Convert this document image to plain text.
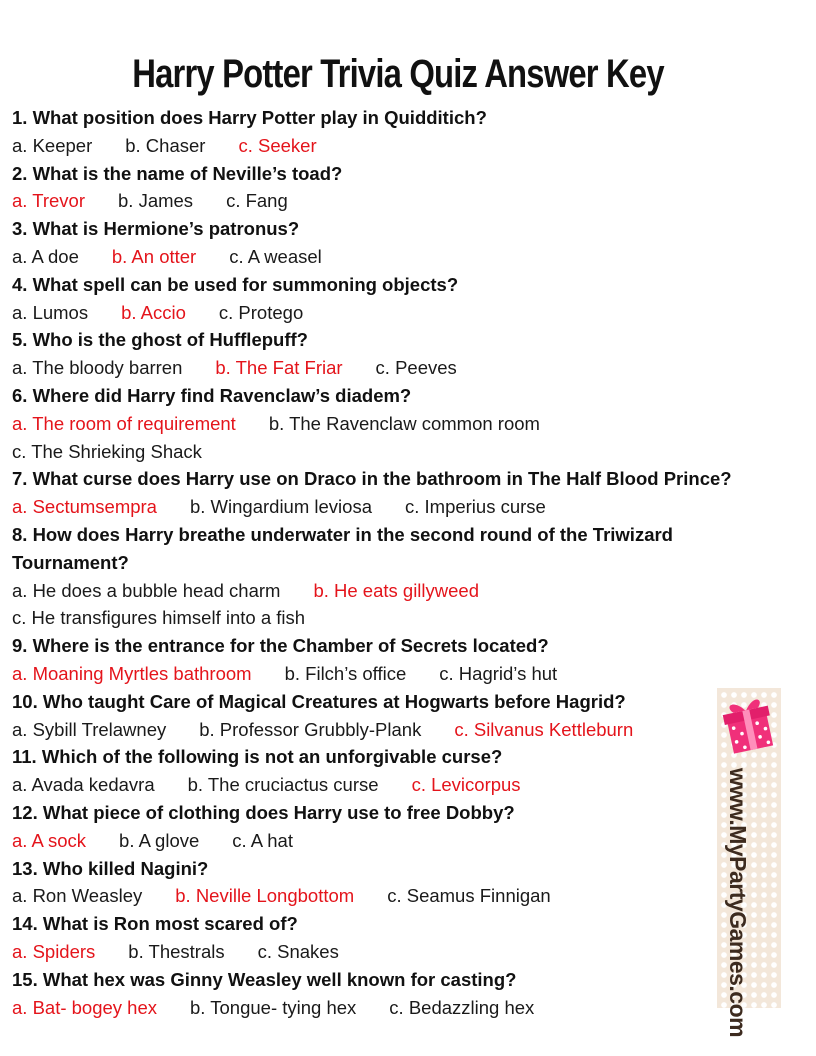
Harry Potter Trivia Quiz Answer Key
1. What position does Harry Potter play in Quidditich?
a. Keeper b. Chaser c. Seeker
2. What is the name of Neville’s toad?
a. Trevor b. James c. Fang
3. What is Hermione’s patronus?
a. A doe b. An otter c. A weasel
4. What spell can be used for summoning objects?
a. Lumos b. Accio c. Protego
5. Who is the ghost of Hufflepuff?
a. The bloody barren b. The Fat Friar c. Peeves
6. Where did Harry find Ravenclaw’s diadem?
a. The room of requirement b. The Ravenclaw common room
c. The Shrieking Shack
7. What curse does Harry use on Draco in the bathroom in The Half Blood Prince?
a. Sectumsempra b. Wingardium leviosa c. Imperius curse
8. How does Harry breathe underwater in the second round of the Triwizard
Tournament?
a. He does a bubble head charm b. He eats gillyweed
c. He transfigures himself into a fish
9. Where is the entrance for the Chamber of Secrets located?
a. Moaning Myrtles bathroom b. Filch’s office c. Hagrid’s hut
10. Who taught Care of Magical Creatures at Hogwarts before Hagrid?
a. Sybill Trelawney b. Professor Grubbly-Plank c. Silvanus Kettleburn
11. Which of the following is not an unforgivable curse?
a. Avada kedavra b. The cruciactus curse c. Levicorpus
12. What piece of clothing does Harry use to free Dobby?
a. A sock b. A glove c. A hat
13. Who killed Nagini?
a. Ron Weasley b. Neville Longbottom c. Seamus Finnigan
14. What is Ron most scared of?
a. Spiders b. Thestrals c. Snakes
15. What hex was Ginny Weasley well known for casting?
a. Bat- bogey hex b. Tongue- tying hex c. Bedazzling hex	www.MyPartyGames.com
